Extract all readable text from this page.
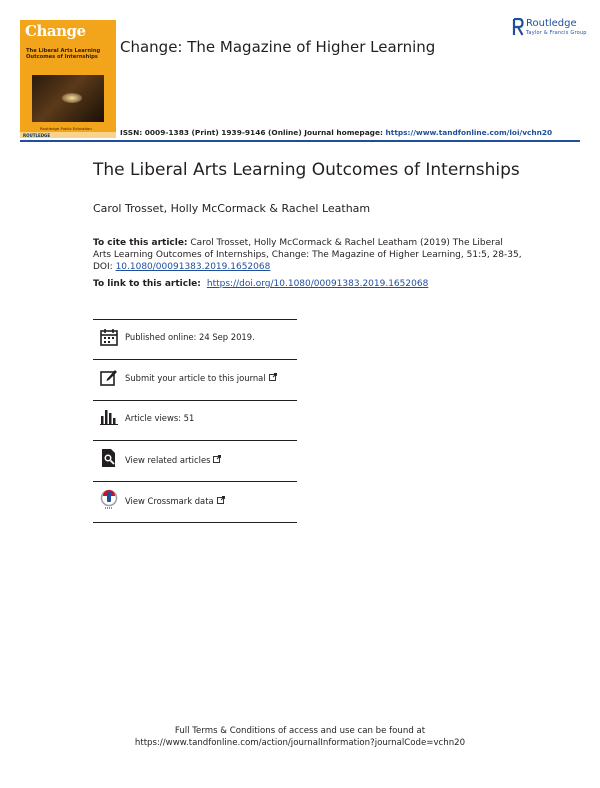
Change
The Liberal Arts Learning Outcomes of Internships
Routledge Public Education
ROUTLEDGE
Change: The Magazine of Higher Learning
Routledge
Taylor & Francis Group
ISSN: 0009-1383 (Print) 1939-9146 (Online) Journal homepage: https://www.tandfonline.com/loi/vchn20
The Liberal Arts Learning Outcomes of Internships
Carol Trosset, Holly McCormack & Rachel Leatham
To cite this article: Carol Trosset, Holly McCormack & Rachel Leatham (2019) The Liberal Arts Learning Outcomes of Internships, Change: The Magazine of Higher Learning, 51:5, 28-35, DOI: 10.1080/00091383.2019.1652068
To link to this article: https://doi.org/10.1080/00091383.2019.1652068
Published online: 24 Sep 2019.
Submit your article to this journal
Article views: 51
View related articles
View Crossmark data
Full Terms & Conditions of access and use can be found at
https://www.tandfonline.com/action/journalInformation?journalCode=vchn20
